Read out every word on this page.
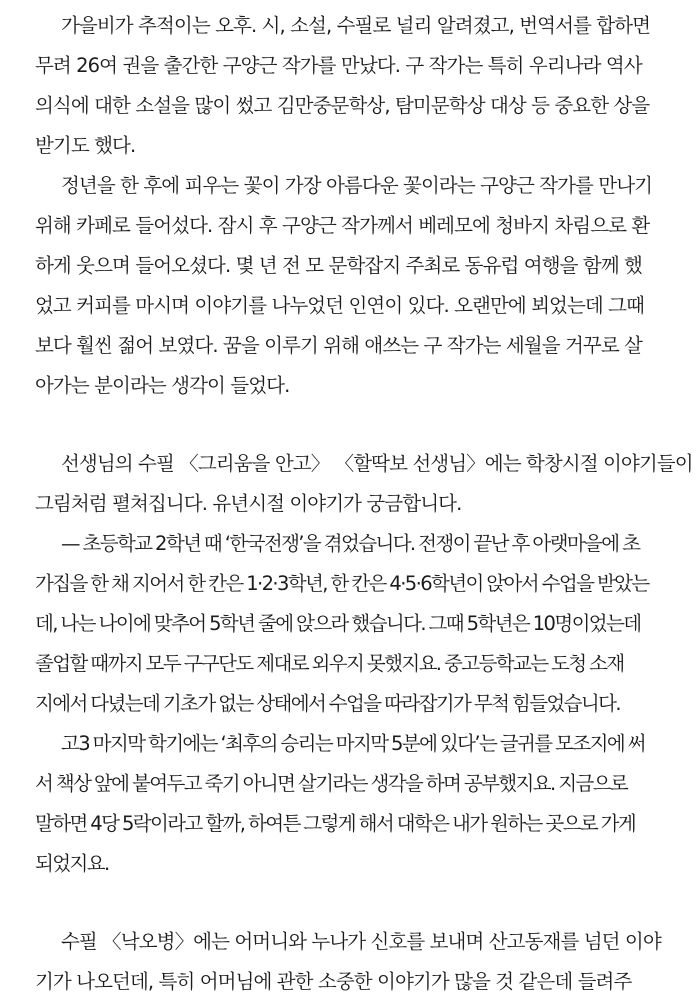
가을비가 추적이는 오후. 시, 소설, 수필로 널리 알려졌고, 번역서를 합하면
무려 26여 권을 출간한 구양근 작가를 만났다. 구 작가는 특히 우리나라 역사
의식에 대한 소설을 많이 썼고 김만중문학상, 탐미문학상 대상 등 중요한 상을
받기도 했다.

정년을 한 후에 피우는 꽃이 가장 아름다운 꽃이라는 구양근 작가를 만나기
위해 카페로 들어섰다. 잠시 후 구양근 작가께서 베레모에 청바지 차림으로 환
하게 웃으며 들어오셨다. 몇 년 전 모 문학잡지 주최로 동유럽 여행을 함께 했
었고 커피를 마시며 이야기를 나누었던 인연이 있다. 오랜만에 뵈었는데 그때
보다 훨씬 젊어 보였다. 꿈을 이루기 위해 애쓰는 구 작가는 세월을 거꾸로 살
아가는 분이라는 생각이 들었다.

선생님의 수필 〈그리움을 안고〉 〈할딱보 선생님〉에는 학창시절 이야기들이
그림처럼 펼쳐집니다. 유년시절 이야기가 궁금합니다.

— 초등학교 2학년 때 ‘한국전쟁’을 겪었습니다. 전쟁이 끝난 후 아랫마을에 초
가집을 한 채 지어서 한 칸은 1·2·3학년, 한 칸은 4·5·6학년이 앉아서 수업을 받았는
데, 나는 나이에 맞추어 5학년 줄에 앉으라 했습니다. 그때 5학년은 10명이었는데
졸업할 때까지 모두 구구단도 제대로 외우지 못했지요. 중고등학교는 도청 소재
지에서 다녔는데 기초가 없는 상태에서 수업을 따라잡기가 무척 힘들었습니다.

고3 마지막 학기에는 ‘최후의 승리는 마지막 5분에 있다’는 글귀를 모조지에 써
서 책상 앞에 붙여두고 죽기 아니면 살기라는 생각을 하며 공부했지요. 지금으로
말하면 4당 5락이라고 할까, 하여튼 그렇게 해서 대학은 내가 원하는 곳으로 가게
되었지요.

수필 〈낙오병〉에는 어머니와 누나가 신호를 보내며 산고동재를 넘던 이야
기가 나오던데, 특히 어머님에 관한 소중한 이야기가 많을 것 같은데 들려주
